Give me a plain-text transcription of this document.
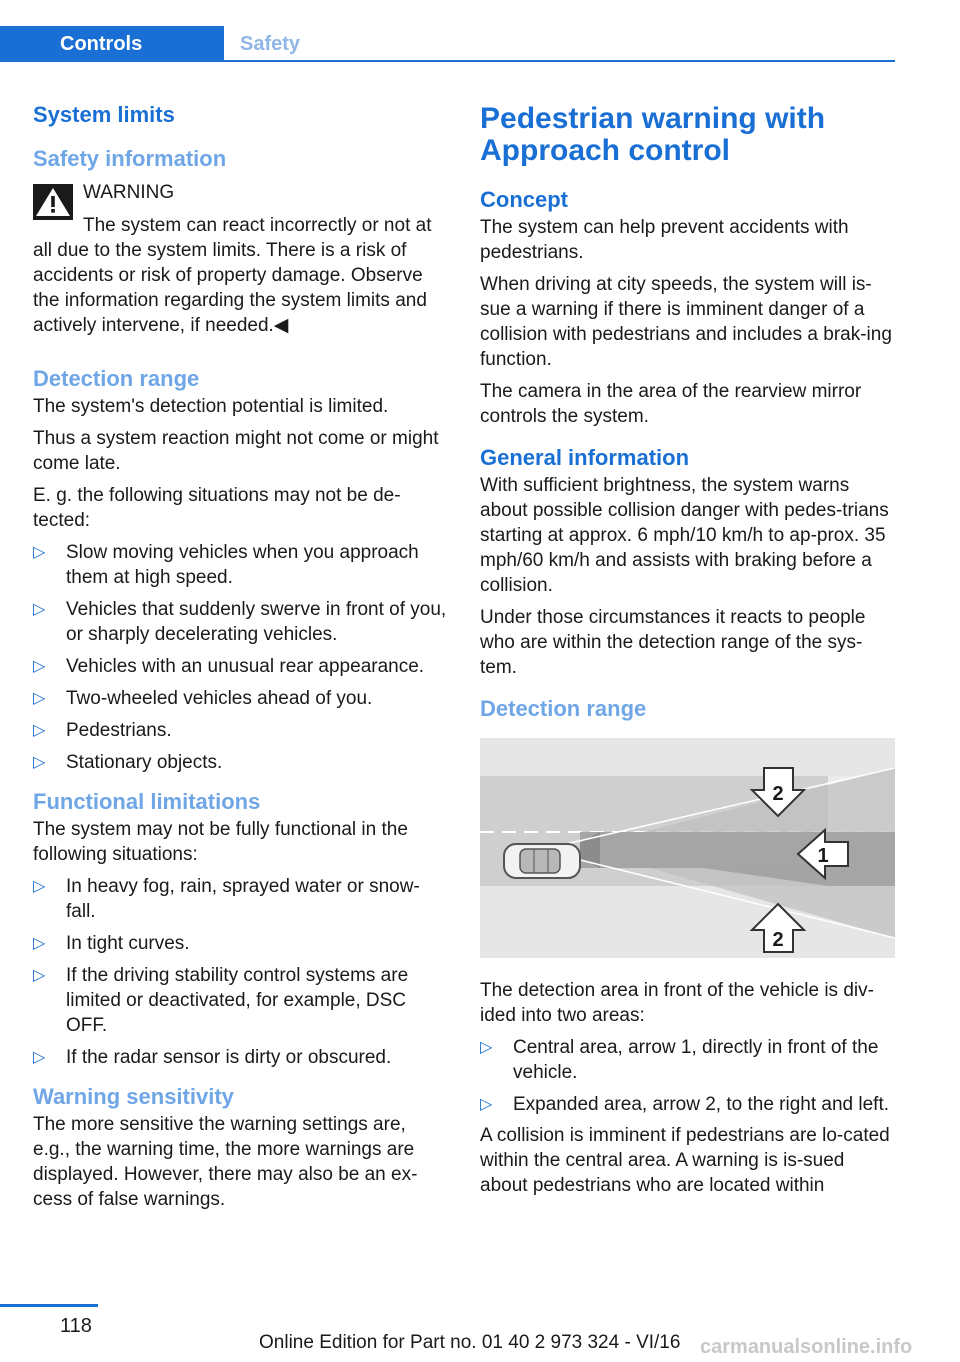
Controls	Safety
System limits
Safety information
WARNING

The system can react incorrectly or not at all due to the system limits. There is a risk of accidents or risk of property damage. Observe the information regarding the system limits and actively intervene, if needed.◀

Detection range

The system's detection potential is limited.

Thus a system reaction might not come or might come late.

E. g. the following situations may not be de‐tected:

▷	Slow moving vehicles when you approach them at high speed.
▷	Vehicles that suddenly swerve in front of you, or sharply decelerating vehicles.
▷	Vehicles with an unusual rear appearance.
▷	Two-wheeled vehicles ahead of you.
▷	Pedestrians.
▷	Stationary objects.
Functional limitations

The system may not be fully functional in the following situations:

▷	In heavy fog, rain, sprayed water or snow‐fall.
▷	In tight curves.
▷	If the driving stability control systems are limited or deactivated, for example, DSC OFF.
▷	If the radar sensor is dirty or obscured.
Warning sensitivity

The more sensitive the warning settings are, e.g., the warning time, the more warnings are displayed. However, there may also be an ex‐cess of false warnings.

Pedestrian warning with Approach control
Concept

The system can help prevent accidents with pedestrians.

When driving at city speeds, the system will is‐sue a warning if there is imminent danger of a collision with pedestrians and includes a brak‐ing function.

The camera in the area of the rearview mirror controls the system.

General information

With sufficient brightness, the system warns about possible collision danger with pedes‐trians starting at approx. 6 mph/10 km/h to ap‐prox. 35 mph/60 km/h and assists with braking before a collision.

Under those circumstances it reacts to people who are within the detection range of the sys‐tem.

Detection range
2
1
2

The detection area in front of the vehicle is div‐ided into two areas:

▷	Central area, arrow 1, directly in front of the vehicle.
▷	Expanded area, arrow 2, to the right and left.

A collision is imminent if pedestrians are lo‐cated within the central area. A warning is is‐sued about pedestrians who are located within

118
Online Edition for Part no. 01 40 2 973 324 - VI/16 carmanualsonline.info
